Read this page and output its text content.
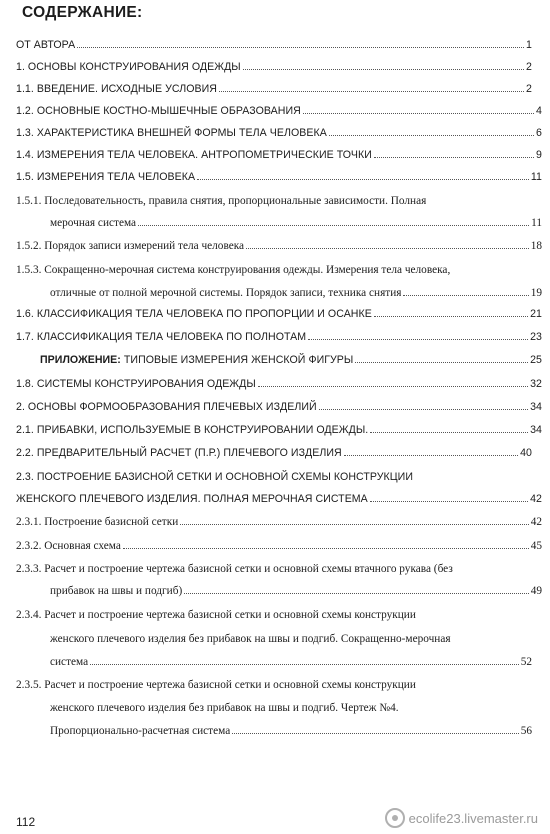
СОДЕРЖАНИЕ:
ОТ АВТОРА	1
1. ОСНОВЫ КОНСТРУИРОВАНИЯ ОДЕЖДЫ	2
1.1. ВВЕДЕНИЕ. ИСХОДНЫЕ УСЛОВИЯ	2
1.2. ОСНОВНЫЕ КОСТНО-МЫШЕЧНЫЕ ОБРАЗОВАНИЯ	4
1.3. ХАРАКТЕРИСТИКА ВНЕШНЕЙ ФОРМЫ ТЕЛА ЧЕЛОВЕКА	6
1.4. ИЗМЕРЕНИЯ ТЕЛА ЧЕЛОВЕКА. АНТРОПОМЕТРИЧЕСКИЕ ТОЧКИ	9
1.5. ИЗМЕРЕНИЯ ТЕЛА ЧЕЛОВЕКА	11
1.5.1. Последовательность, правила снятия, пропорциональные зависимости. Полная
мерочная система	11
1.5.2. Порядок записи измерений тела человека	18
1.5.3. Сокращенно-мерочная система конструирования одежды. Измерения тела человека,
отличные от полной мерочной системы. Порядок записи, техника снятия	19
1.6. КЛАССИФИКАЦИЯ ТЕЛА ЧЕЛОВЕКА ПО ПРОПОРЦИИ И ОСАНКЕ	21
1.7. КЛАССИФИКАЦИЯ ТЕЛА ЧЕЛОВЕКА ПО ПОЛНОТАМ	23
ПРИЛОЖЕНИЕ: ТИПОВЫЕ ИЗМЕРЕНИЯ ЖЕНСКОЙ ФИГУРЫ	25
1.8. СИСТЕМЫ КОНСТРУИРОВАНИЯ ОДЕЖДЫ	32
2. ОСНОВЫ ФОРМООБРАЗОВАНИЯ ПЛЕЧЕВЫХ ИЗДЕЛИЙ	34
2.1. ПРИБАВКИ, ИСПОЛЬЗУЕМЫЕ В КОНСТРУИРОВАНИИ ОДЕЖДЫ.	34
2.2. ПРЕДВАРИТЕЛЬНЫЙ РАСЧЕТ (П.Р.) ПЛЕЧЕВОГО ИЗДЕЛИЯ	40
2.3. ПОСТРОЕНИЕ БАЗИСНОЙ СЕТКИ И ОСНОВНОЙ СХЕМЫ КОНСТРУКЦИИ
ЖЕНСКОГО ПЛЕЧЕВОГО ИЗДЕЛИЯ. ПОЛНАЯ МЕРОЧНАЯ СИСТЕМА	42
2.3.1. Построение базисной сетки	42
2.3.2. Основная схема	45
2.3.3. Расчет и построение чертежа базисной сетки и основной схемы втачного рукава (без
прибавок на швы и подгиб)	49
2.3.4. Расчет и построение чертежа базисной сетки и основной схемы конструкции
женского плечевого изделия без прибавок на швы и подгиб. Сокращенно-мерочная
система	52
2.3.5. Расчет и построение чертежа базисной сетки и основной схемы конструкции
женского плечевого изделия без прибавок на швы и подгиб. Чертеж №4.
Пропорционально-расчетная система	56
112	ecolife23.livemaster.ru
